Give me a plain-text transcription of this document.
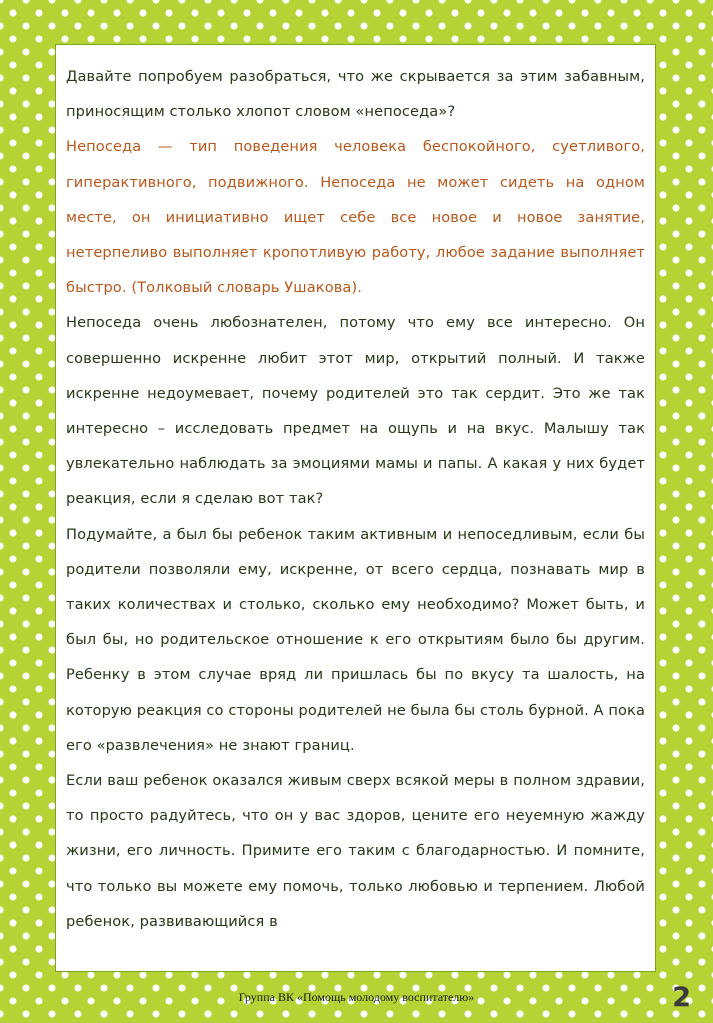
Давайте попробуем разобраться, что же скрывается за этим забавным, приносящим столько хлопот словом «непоседа»?

Непоседа — тип поведения человека беспокойного, суетливого, гиперактивного, подвижного. Непоседа не может сидеть на одном месте, он инициативно ищет себе все новое и новое занятие, нетерпеливо выполняет кропотливую работу, любое задание выполняет быстро. (Толковый словарь Ушакова).

Непоседа очень любознателен, потому что ему все интересно. Он совершенно искренне любит этот мир, открытий полный. И также искренне недоумевает, почему родителей это так сердит. Это же так интересно – исследовать предмет на ощупь и на вкус. Малышу так увлекательно наблюдать за эмоциями мамы и папы. А какая у них будет реакция, если я сделаю вот так?

Подумайте, а был бы ребенок таким активным и непоседливым, если бы родители позволяли ему, искренне, от всего сердца, познавать мир в таких количествах и столько, сколько ему необходимо? Может быть, и был бы, но родительское отношение к его открытиям было бы другим. Ребенку в этом случае вряд ли пришлась бы по вкусу та шалость, на которую реакция со стороны родителей не была бы столь бурной. А пока его «развлечения» не знают границ.

Если ваш ребенок оказался живым сверх всякой меры в полном здравии, то просто радуйтесь, что он у вас здоров, цените его неуемную жажду жизни, его личность. Примите его таким с благодарностью. И помните, что только вы можете ему помочь, только любовью и терпением. Любой ребенок, развивающийся в

Группа ВК «Помощь молодому воспитателю»	2
